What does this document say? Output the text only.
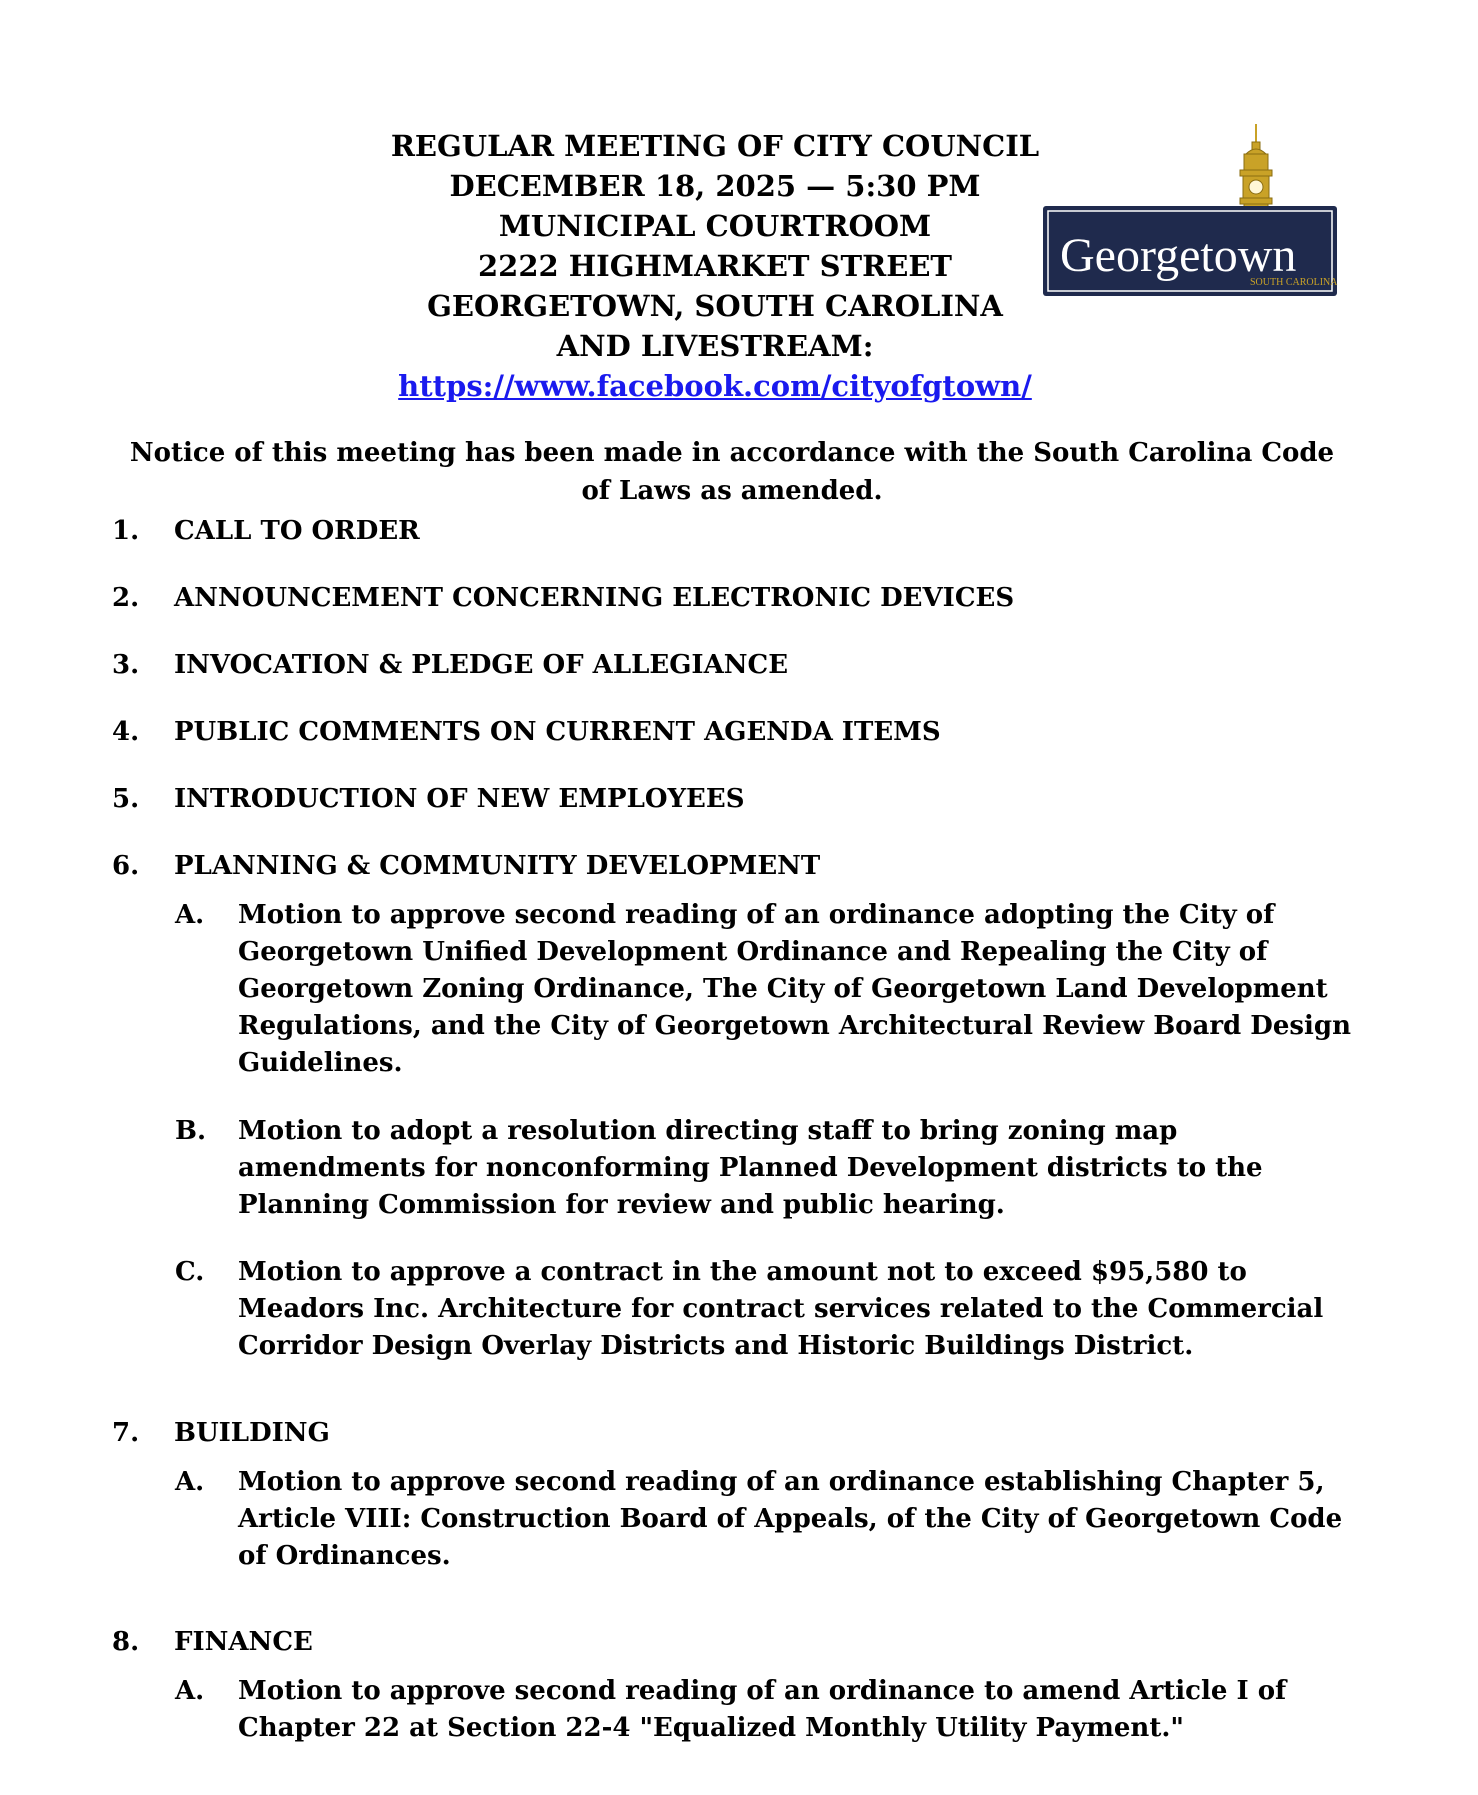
REGULAR MEETING OF CITY COUNCIL
DECEMBER 18, 2025 — 5:30 PM
MUNICIPAL COURTROOM
2222 HIGHMARKET STREET
GEORGETOWN, SOUTH CAROLINA
AND LIVESTREAM:
https://www.facebook.com/cityofgtown/
Georgetown
SOUTH CAROLINA
Notice of this meeting has been made in accordance with the South Carolina Code of Laws as amended.
1. CALL TO ORDER
2. ANNOUNCEMENT CONCERNING ELECTRONIC DEVICES
3. INVOCATION & PLEDGE OF ALLEGIANCE
4. PUBLIC COMMENTS ON CURRENT AGENDA ITEMS
5. INTRODUCTION OF NEW EMPLOYEES
6. PLANNING & COMMUNITY DEVELOPMENT
A. Motion to approve second reading of an ordinance adopting the City of
Georgetown Unified Development Ordinance and Repealing the City of
Georgetown Zoning Ordinance, The City of Georgetown Land Development
Regulations, and the City of Georgetown Architectural Review Board Design
Guidelines.
B. Motion to adopt a resolution directing staff to bring zoning map
amendments for nonconforming Planned Development districts to the
Planning Commission for review and public hearing.
C. Motion to approve a contract in the amount not to exceed $95,580 to
Meadors Inc. Architecture for contract services related to the Commercial
Corridor Design Overlay Districts and Historic Buildings District.
7. BUILDING
A. Motion to approve second reading of an ordinance establishing Chapter 5,
Article VIII: Construction Board of Appeals, of the City of Georgetown Code
of Ordinances.
8. FINANCE
A. Motion to approve second reading of an ordinance to amend Article I of
Chapter 22 at Section 22-4 "Equalized Monthly Utility Payment."
